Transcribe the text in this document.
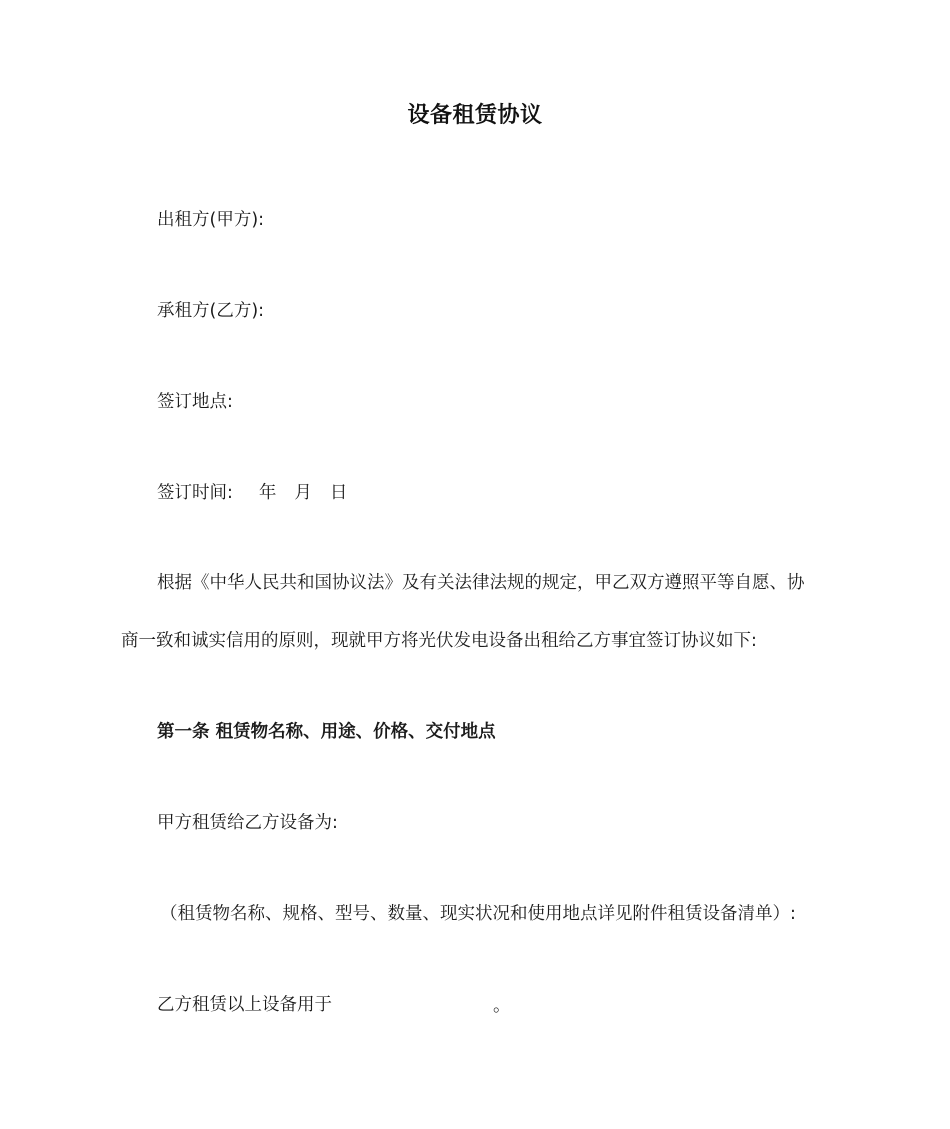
设备租赁协议
出租方(甲方):
承租方(乙方):
签订地点:
签订时间: 年 月 日
根据《中华人民共和国协议法》及有关法律法规的规定，甲乙双方遵照平等自愿、协
商一致和诚实信用的原则，现就甲方将光伏发电设备出租给乙方事宜签订协议如下:
第一条 租赁物名称、用途、价格、交付地点
甲方租赁给乙方设备为:
（租赁物名称、规格、型号、数量、现实状况和使用地点详见附件租赁设备清单）:
乙方租赁以上设备用于	。
